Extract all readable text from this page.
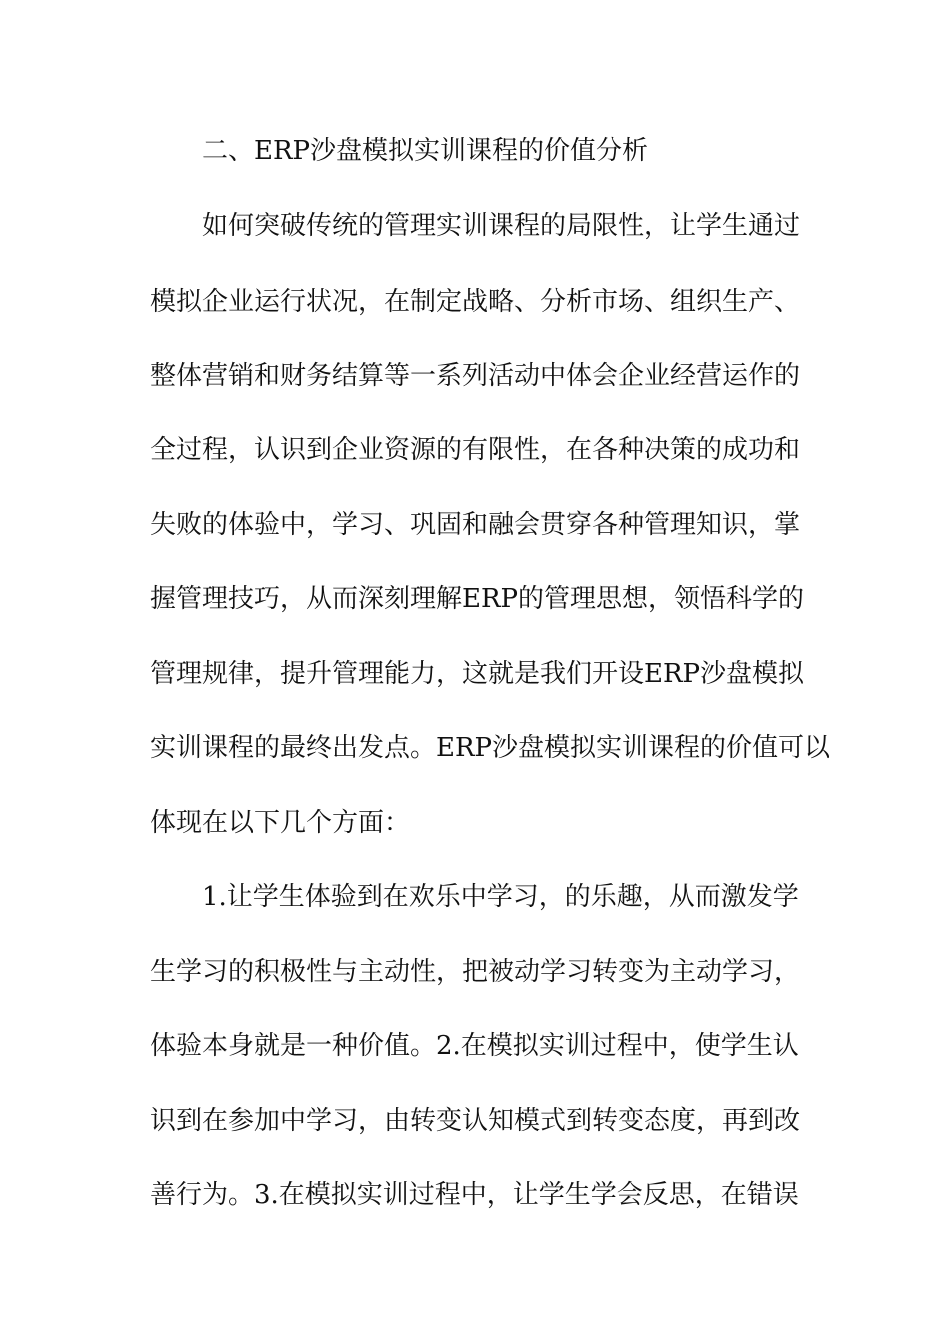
二、ERP沙盘模拟实训课程的价值分析
如何突破传统的管理实训课程的局限性，让学生通过
模拟企业运行状况，在制定战略、分析市场、组织生产、
整体营销和财务结算等一系列活动中体会企业经营运作的
全过程，认识到企业资源的有限性，在各种决策的成功和
失败的体验中，学习、巩固和融会贯穿各种管理知识，掌
握管理技巧，从而深刻理解ERP的管理思想，领悟科学的
管理规律，提升管理能力，这就是我们开设ERP沙盘模拟
实训课程的最终出发点。ERP沙盘模拟实训课程的价值可以
体现在以下几个方面：
1.让学生体验到在欢乐中学习，的乐趣，从而激发学
生学习的积极性与主动性，把被动学习转变为主动学习，
体验本身就是一种价值。2.在模拟实训过程中，使学生认
识到在参加中学习，由转变认知模式到转变态度，再到改
善行为。3.在模拟实训过程中，让学生学会反思，在错误
